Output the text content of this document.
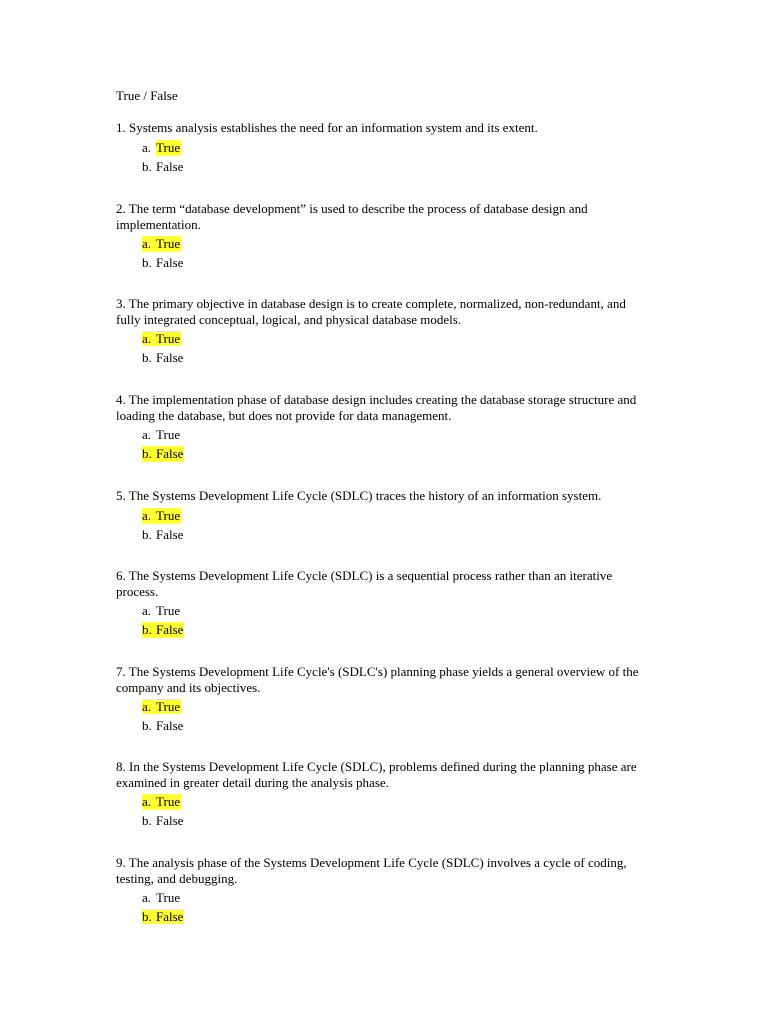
True / False
1. Systems analysis establishes the need for an information system and its extent.
a. True
b. False
2. The term “database development” is used to describe the process of database design and implementation.
a. True
b. False
3. The primary objective in database design is to create complete, normalized, non-redundant, and fully integrated conceptual, logical, and physical database models.
a. True
b. False
4. The implementation phase of database design includes creating the database storage structure and loading the database, but does not provide for data management.
a. True
b. False
5. The Systems Development Life Cycle (SDLC) traces the history of an information system.
a. True
b. False
6. The Systems Development Life Cycle (SDLC) is a sequential process rather than an iterative process.
a. True
b. False
7. The Systems Development Life Cycle's (SDLC's) planning phase yields a general overview of the company and its objectives.
a. True
b. False
8. In the Systems Development Life Cycle (SDLC), problems defined during the planning phase are examined in greater detail during the analysis phase.
a. True
b. False
9. The analysis phase of the Systems Development Life Cycle (SDLC) involves a cycle of coding, testing, and debugging.
a. True
b. False
